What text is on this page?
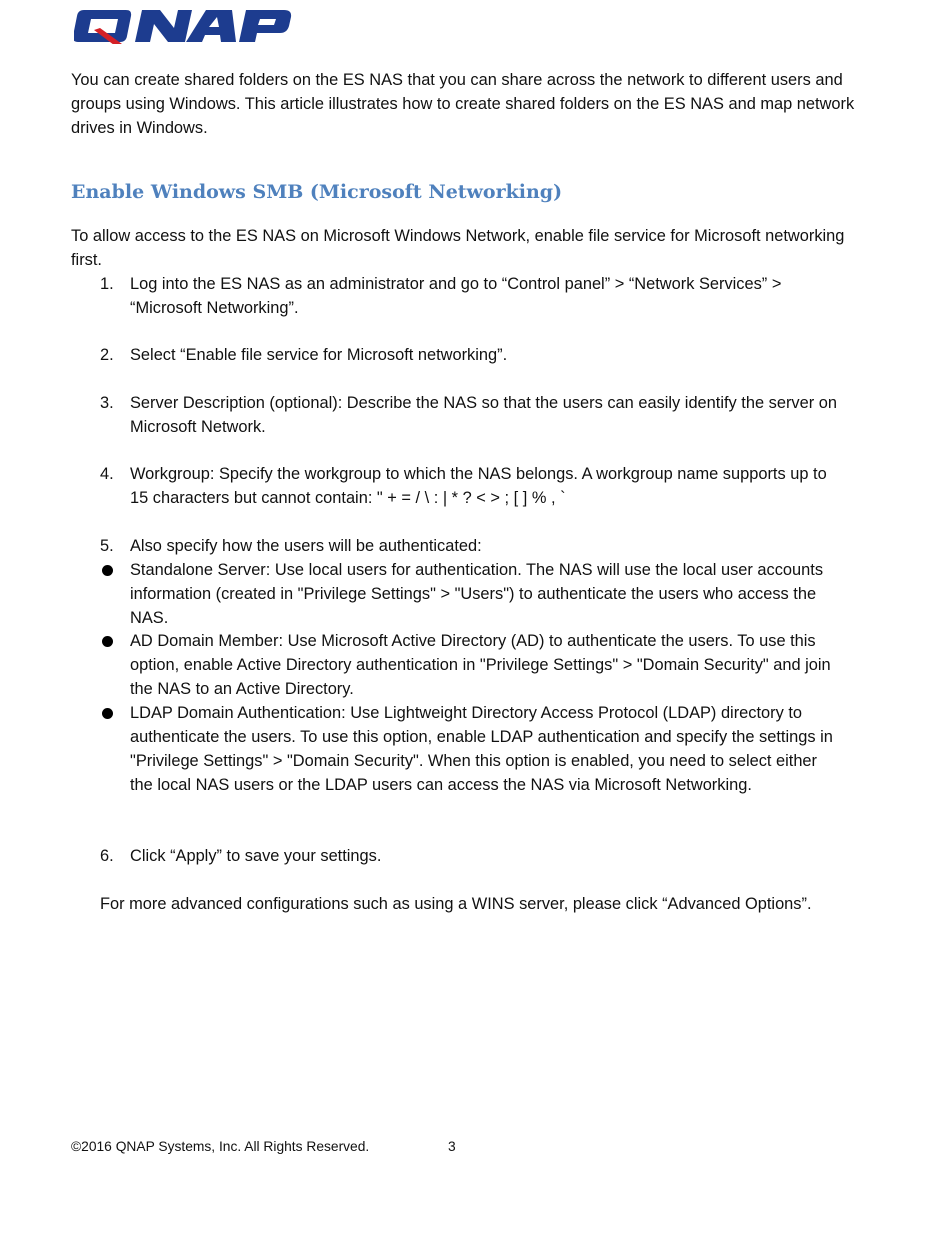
You can create shared folders on the ES NAS that you can share across the network to different users and groups using Windows. This article illustrates how to create shared folders on the ES NAS and map network drives in Windows.

Enable Windows SMB (Microsoft Networking)

To allow access to the ES NAS on Microsoft Windows Network, enable file service for Microsoft networking first.

1. Log into the ES NAS as an administrator and go to “Control panel” > “Network Services” > “Microsoft Networking”.
2. Select “Enable file service for Microsoft networking”.
3. Server Description (optional): Describe the NAS so that the users can easily identify the server on Microsoft Network.
4. Workgroup: Specify the workgroup to which the NAS belongs. A workgroup name supports up to 15 characters but cannot contain: " + = / \ : | * ? < > ; [ ] % , `
5. Also specify how the users will be authenticated:
Standalone Server: Use local users for authentication. The NAS will use the local user accounts information (created in "Privilege Settings" > "Users") to authenticate the users who access the NAS.
AD Domain Member: Use Microsoft Active Directory (AD) to authenticate the users. To use this option, enable Active Directory authentication in "Privilege Settings" > "Domain Security" and join the NAS to an Active Directory.
LDAP Domain Authentication: Use Lightweight Directory Access Protocol (LDAP) directory to authenticate the users. To use this option, enable LDAP authentication and specify the settings in "Privilege Settings" > "Domain Security". When this option is enabled, you need to select either the local NAS users or the LDAP users can access the NAS via Microsoft Networking.
6. Click “Apply” to save your settings.

For more advanced configurations such as using a WINS server, please click “Advanced Options”.

©2016 QNAP Systems, Inc. All Rights Reserved.	3
